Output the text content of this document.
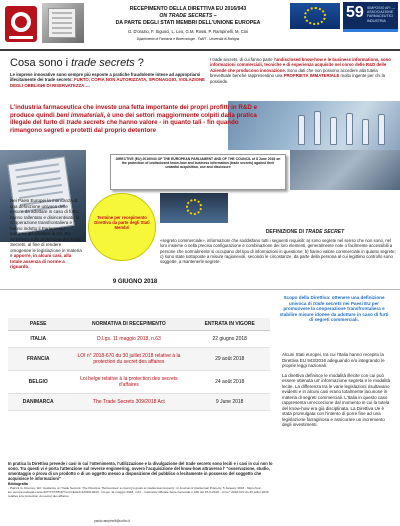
RECEPIMENTO DELLA DIRETTIVA EU 2016/943
ON TRADE SECRETS –
DA PARTE DEGLI STATI MEMBRI DELL'UNIONE EUROPEA
G. D'orazio, F. Siguoci, L. Leo, G.M. Rossi, P. Rampinelli, M. Cini
Dipartimento di Farmacia e Biotecnologie - FaBiT - Università di Bologna
59 SIMPOSIO AFI — ASSOCIAZIONE FARMACEUTICI INDUSTRIA
Cosa sono i trade secrets ?
Le imprese innovative sono sempre più esposte a pratiche fraudolente intese ad appropriarsi illecitamente dei trade secrets: FURTO, COPIA NON AUTORIZZATA, SPIONAGGIO, VIOLAZIONE DEGLI OBBLIGHI DI RISERVATEZZA….
I trade secrets, di cui fanno parte l'undisclosed know-how e le business informations, sono informazioni commerciali, tecniche e di esperienza acquisite nel corso delle R&D delle Aziende che producono innovazione. Sono dati che non possono accedere alla tutela brevettuale benché rappresentino una PROPRIETÀ IMMATERIALE molto ingente per chi la possiede.
L'industria farmaceutica che investe una fetta importante dei propri profitti in R&D e produce quindi beni immateriali, è uno dei settori maggiormente colpiti dalla pratica illegale del furto di trade secrets che hanno valore - in quanto tali - fin quando rimangono segreti e protetti dal proprio detentore
Nei Paesi Europei la mancanza di una definizione univoca delle misure da adottare in caso di furto, hanno rallentato e disincentivato la cooperazione transfrontaliera e hanno indotto il Parlamento europeo ad adottare la Dir. EU 2016/943 sulla protezione dei Trade Secrets, al fine di rendere omogenee le legislazione in materia e apporre, in alcuni casi, alla totale assenza di norme a riguardo.
DIRECTIVE (EU) 2016/943 OF THE EUROPEAN PARLIAMENT AND OF THE COUNCIL of 8 June 2016 on the protection of undisclosed know-how and business information (trade secrets) against their unlawful acquisition, use and disclosure
Termine per recepimento Direttiva da parte degli Stati Membri
DEFINIZIONE DI TRADE SECRET
«segreto commerciale», informazioni che soddisfano tutti i seguenti requisiti: a) sono segrete nel senso che non sono, nel loro insieme o nella precisa configurazione e combinazione dei loro elementi, generalmente note o facilmente accessibili a persone che normalmente si occupano del tipo di informazioni in questione; b) hanno valore commerciale in quanto segrete; c) sono state sottoposte a misure ragionevoli, secondo le circostanze, da parte della persona al cui legittimo controllo sono soggette, a mantenerle segrete.
9 GIUGNO 2018
Scopo della Direttiva: ottenere una definizione univoca di trade secrets nei Paesi EU per promuovere la cooperazione transfrontaliera e stabilire misure idonee da adottare in caso di furti di segreti commerciali.
PAESE	NORMATIVA DI RECEPIMENTO	ENTRATA IN VIGORE
ITALIA	D.Lgs. 11 maggio 2018, n.63	22 giugno 2018
FRANCIA	LOI n° 2018-670 du 30 juillet 2018 relative à la protection du secret des affaires	29 août 2018
BELGIO	Loi belge relative à la protection des secrets d'affaires	24 août 2018
DANIMARCA	The Trade Secrets 309/2018 Act	9 June 2018

Alcuni Stati europei, tra cui l'Italia hanno recepito la Direttiva EU 943/2016 adeguando e/o integrando le proprie leggi nazionali.

La direttiva definisce le modalità illecite con cui può essere ottenuta un' informazione segreta e le modalità lecite. La differenza tra le varie legislazioni risultavano evidenti e in alcuni casi erano totalmente lacunose in materia di segreti commerciali. L'Italia in questo caso rappresenta un'eccezione dal momento in cui la tutela del know-how era già disciplinata. La Direttiva Ue è stata promulgata con l'intento di porre fine ad una legislazione farraginosa e assicurare un incremento degli investimenti.

In pratica la Direttiva prevede i casi in cui l'ottenimento, l'utilizzazione e la divulgazione del trade secrets sono leciti e i casi in cui non lo sono. Tra questi vi è porta l'attenzione sul reverse engineering, ovvero l'acquisizione del know-how attraverso l' "osservazione, studio, smontaggio o prova di un prodotto o di un oggetto messo a disposizione del pubblico o lecitamente in possesso del soggetto che acquisisce le informazioni"
Bibliografia
- Patrick G. Rooney, 'EC' Guidance on Trade Secrets: The Directive 'Harmonises' a country's goals to intellectual property', in Journal of Intellectual Property, 5 January 2018 - https://eur-lex.europa.eu/legal-content/IT/TXT/PDF/?uri=CELEX:32016L0943 - D.Lgs. 11 maggio 2018, n.63 – Gazzetta Ufficiale Serie Generale n.138 del 15-6-2018 - LOI n° 2018-670 du 30 juillet 2018 relative à la protection du secret des affaires
paola.rampinelli@unibo.it
